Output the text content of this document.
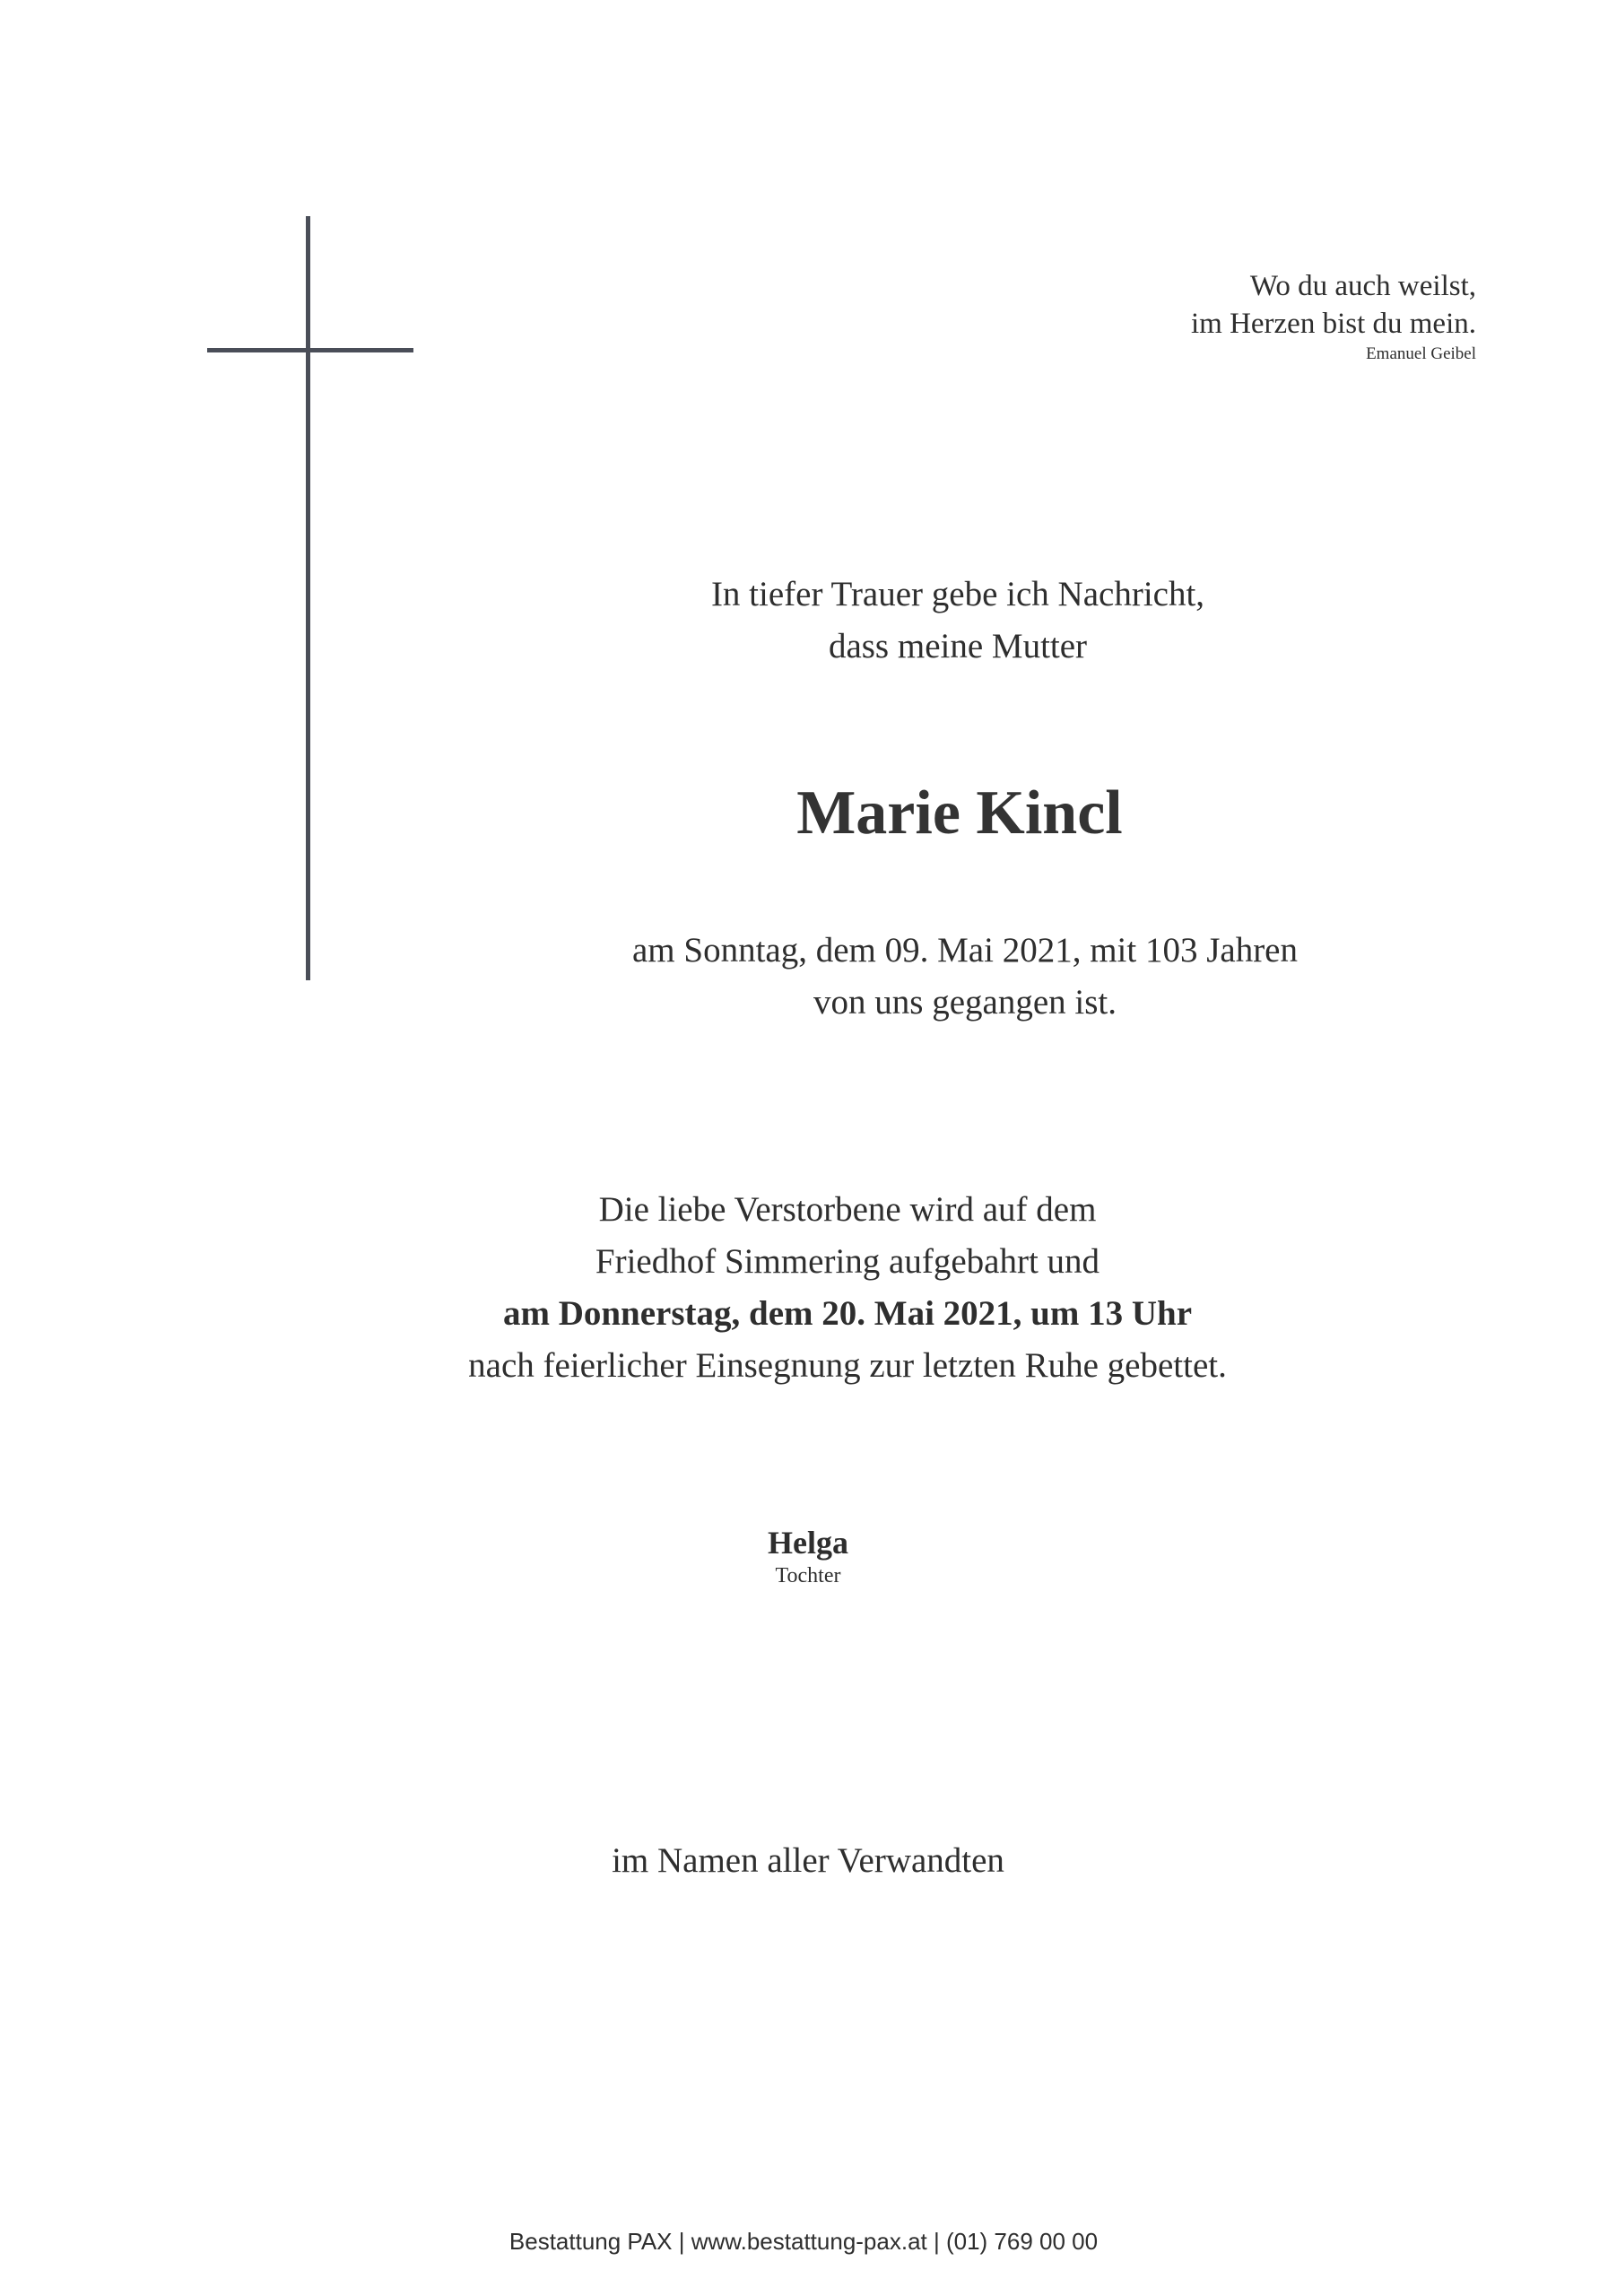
Wo du auch weilst,
im Herzen bist du mein.
Emanuel Geibel
In tiefer Trauer gebe ich Nachricht,
dass meine Mutter
Marie Kincl
am Sonntag, dem 09. Mai 2021, mit 103 Jahren
von uns gegangen ist.
Die liebe Verstorbene wird auf dem
Friedhof Simmering aufgebahrt und
am Donnerstag, dem 20. Mai 2021, um 13 Uhr
nach feierlicher Einsegnung zur letzten Ruhe gebettet.
Helga
Tochter
im Namen aller Verwandten
Bestattung PAX | www.bestattung-pax.at | (01) 769 00 00
